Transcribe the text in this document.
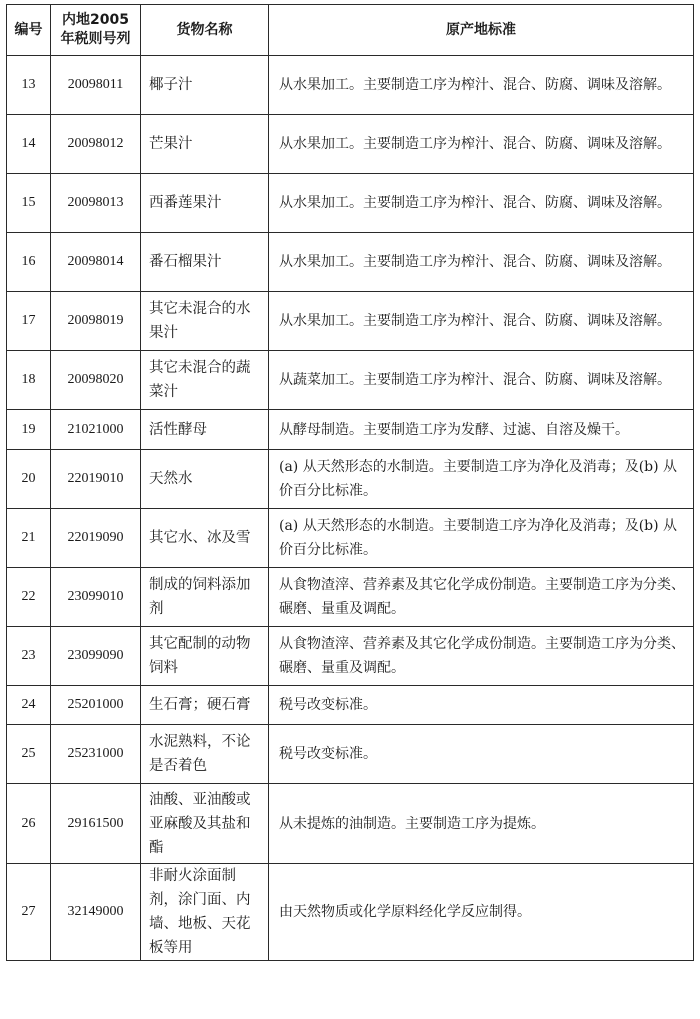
编号	内地2005年税则号列	货物名称	原产地标准
13	20098011	椰子汁	从水果加工。主要制造工序为榨汁、混合、防腐、调味及溶解。
14	20098012	芒果汁	从水果加工。主要制造工序为榨汁、混合、防腐、调味及溶解。
15	20098013	西番莲果汁	从水果加工。主要制造工序为榨汁、混合、防腐、调味及溶解。
16	20098014	番石榴果汁	从水果加工。主要制造工序为榨汁、混合、防腐、调味及溶解。
17	20098019	其它未混合的水果汁	从水果加工。主要制造工序为榨汁、混合、防腐、调味及溶解。
18	20098020	其它未混合的蔬菜汁	从蔬菜加工。主要制造工序为榨汁、混合、防腐、调味及溶解。
19	21021000	活性酵母	从酵母制造。主要制造工序为发酵、过滤、自溶及燥干。
20	22019010	天然水	(a) 从天然形态的水制造。主要制造工序为净化及消毒；及(b) 从价百分比标准。
21	22019090	其它水、冰及雪	(a) 从天然形态的水制造。主要制造工序为净化及消毒；及(b) 从价百分比标准。
22	23099010	制成的饲料添加剂	从食物渣滓、营养素及其它化学成份制造。主要制造工序为分类、碾磨、量重及调配。
23	23099090	其它配制的动物饲料	从食物渣滓、营养素及其它化学成份制造。主要制造工序为分类、碾磨、量重及调配。
24	25201000	生石膏；硬石膏	税号改变标准。
25	25231000	水泥熟料，不论是否着色	税号改变标准。
26	29161500	油酸、亚油酸或亚麻酸及其盐和酯	从未提炼的油制造。主要制造工序为提炼。
27	32149000	非耐火涂面制剂，涂门面、内墙、地板、天花板等用	由天然物质或化学原料经化学反应制得。
